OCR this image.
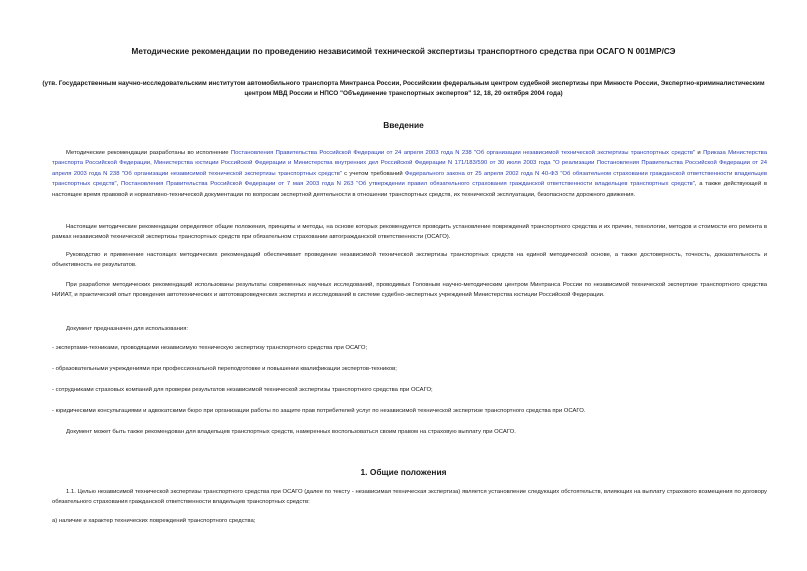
Методические рекомендации по проведению независимой технической экспертизы транспортного средства при ОСАГО N 001МР/СЭ
(утв. Государственным научно-исследовательским институтом автомобильного транспорта Минтранса России, Российским федеральным центром судебной экспертизы при Минюсте России, Экспертно-криминалистическим центром МВД России и НПСО "Объединение транспортных экспертов" 12, 18, 20 октября 2004 года)
Введение

Методические рекомендации разработаны во исполнение Постановления Правительства Российской Федерации от 24 апреля 2003 года N 238 "Об организации независимой технической экспертизы транспортных средств" и Приказа Министерства транспорта Российской Федерации, Министерства юстиции Российской Федерации и Министерства внутренних дел Российской Федерации N 171/183/590 от 30 июля 2003 года "О реализации Постановления Правительства Российской Федерации от 24 апреля 2003 года N 238 "Об организации независимой технической экспертизы транспортных средств" с учетом требований Федерального закона от 25 апреля 2002 года N 40-ФЗ "Об обязательном страховании гражданской ответственности владельцев транспортных средств", Постановления Правительства Российской Федерации от 7 мая 2003 года N 263 "Об утверждении правил обязательного страхования гражданской ответственности владельцев транспортных средств", а также действующей в настоящее время правовой и нормативно-технической документации по вопросам экспертной деятельности в отношении транспортных средств, их технической эксплуатации, безопасности дорожного движения.

Настоящие методические рекомендации определяют общие положения, принципы и методы, на основе которых рекомендуется проводить установление повреждений транспортного средства и их причин, технологии, методов и стоимости его ремонта в рамках независимой технической экспертизы транспортных средств при обязательном страховании автогражданской ответственности (ОСАГО).

Руководство и применение настоящих методических рекомендаций обеспечивает проведение независимой технической экспертизы транспортных средств на единой методической основе, а также достоверность, точность, доказательность и объективность ее результатов.

При разработке методических рекомендаций использованы результаты современных научных исследований, проводимых Головным научно-методическим центром Минтранса России по независимой технической экспертизе транспортного средства НИИАТ, и практический опыт проведения автотехнических и автотовароведческих экспертиз и исследований в системе судебно-экспертных учреждений Министерства юстиции Российской Федерации.

Документ предназначен для использования:

- экспертами-техниками, проводящими независимую техническую экспертизу транспортного средства при ОСАГО;

- образовательными учреждениями при профессиональной переподготовке и повышении квалификации экспертов-техников;

- сотрудниками страховых компаний для проверки результатов независимой технической экспертизы транспортного средства при ОСАГО;

- юридическими консультациями и адвокатскими бюро при организации работы по защите прав потребителей услуг по независимой технической экспертизе транспортного средства при ОСАГО.

Документ может быть также рекомендован для владельцев транспортных средств, намеренных воспользоваться своим правом на страховую выплату при ОСАГО.

1. Общие положения

1.1. Целью независимой технической экспертизы транспортного средства при ОСАГО (далее по тексту - независимая техническая экспертиза) является установление следующих обстоятельств, влияющих на выплату страхового возмещения по договору обязательного страхования гражданской ответственности владельцев транспортных средств:

а) наличие и характер технических повреждений транспортного средства;
